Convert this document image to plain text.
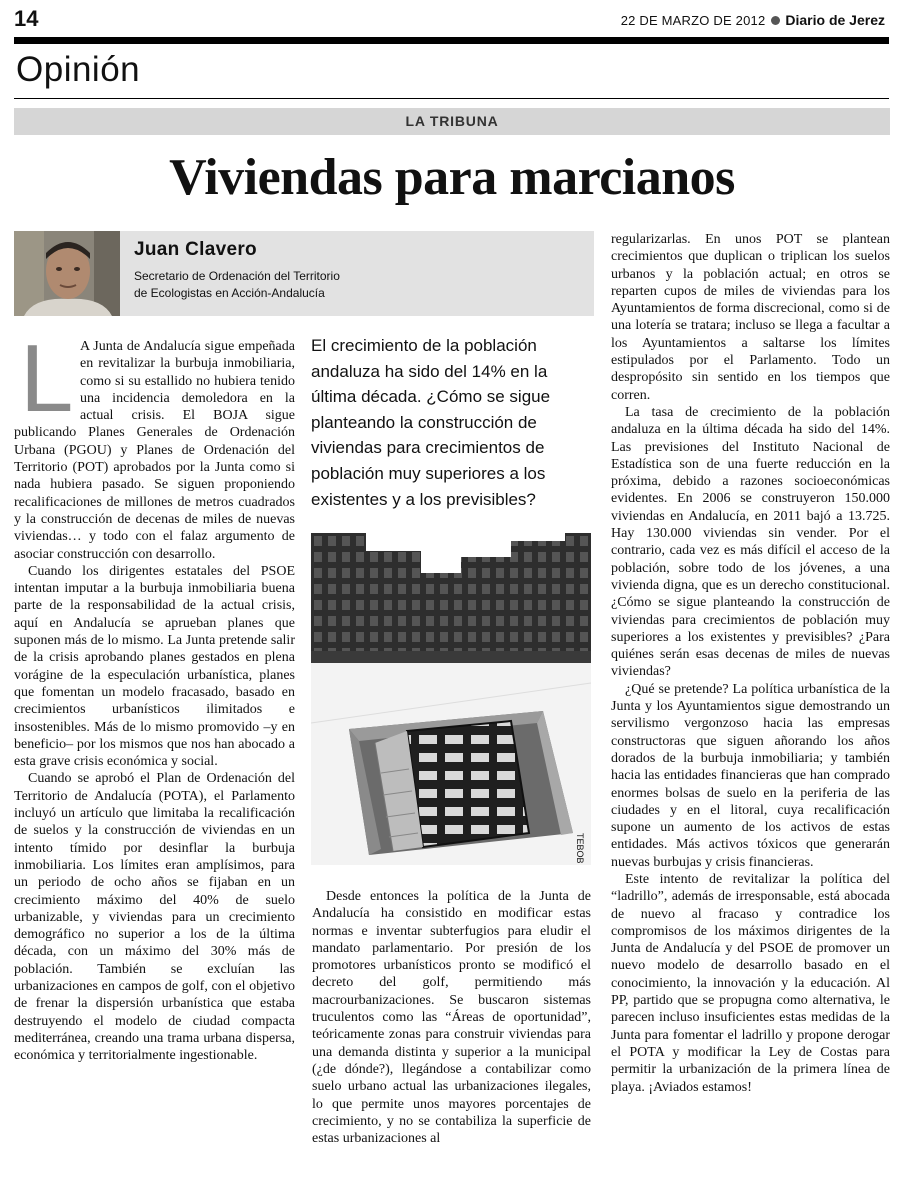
14	22 DE MARZO DE 2012 Diario de Jerez
Opinión
LA TRIBUNA
Viviendas para marcianos
Juan Clavero
Secretario de Ordenación del Territorio
de Ecologistas en Acción-Andalucía

L A Junta de Andalucía sigue empeñada en revitalizar la burbuja inmobiliaria, como si su estallido no hubiera tenido una incidencia demoledora en la actual crisis. El BOJA sigue publicando Planes Generales de Ordenación Urbana (PGOU) y Planes de Ordenación del Territorio (POT) aprobados por la Junta como si nada hubiera pasado. Se siguen proponiendo recalificaciones de millones de metros cuadrados y la construcción de decenas de miles de nuevas viviendas… y todo con el falaz argumento de asociar construcción con desarrollo.

Cuando los dirigentes estatales del PSOE intentan imputar a la burbuja inmobiliaria buena parte de la responsabilidad de la actual crisis, aquí en Andalucía se aprueban planes que suponen más de lo mismo. La Junta pretende salir de la crisis aprobando planes gestados en plena vorágine de la especulación urbanística, planes que fomentan un modelo fracasado, basado en crecimientos urbanísticos ilimitados e insostenibles. Más de lo mismo promovido –y en beneficio– por los mismos que nos han abocado a esta grave crisis económica y social.

Cuando se aprobó el Plan de Ordenación del Territorio de Andalucía (POTA), el Parlamento incluyó un artículo que limitaba la recalificación de suelos y la construcción de viviendas en un intento tímido por desinflar la burbuja inmobiliaria. Los límites eran amplísimos, para un periodo de ocho años se fijaban en un crecimiento máximo del 40% de suelo urbanizable, y viviendas para un crecimiento demográfico no superior a los de la última década, con un máximo del 30% más de población. También se excluían las urbanizaciones en campos de golf, con el objetivo de frenar la dispersión urbanística que estaba destruyendo el modelo de ciudad compacta mediterránea, creando una trama urbana dispersa, económica y territorialmente ingestionable.

El crecimiento de la población
andaluza ha sido del 14% en la
última década. ¿Cómo se sigue
planteando la construcción de
viviendas para crecimientos de
población muy superiores a los
existentes y a los previsibles?
TEBOB

Desde entonces la política de la Junta de Andalucía ha consistido en modificar estas normas e inventar subterfugios para eludir el mandato parlamentario. Por presión de los promotores urbanísticos pronto se modificó el decreto del golf, permitiendo más macrourbanizaciones. Se buscaron sistemas truculentos como las “Áreas de oportunidad”, teóricamente zonas para construir viviendas para una demanda distinta y superior a la municipal (¿de dónde?), llegándose a contabilizar como suelo urbano actual las urbanizaciones ilegales, lo que permite unos mayores porcentajes de crecimiento, y no se contabiliza la superficie de estas urbanizaciones al

regularizarlas. En unos POT se plantean crecimientos que duplican o triplican los suelos urbanos y la población actual; en otros se reparten cupos de miles de viviendas para los Ayuntamientos de forma discrecional, como si de una lotería se tratara; incluso se llega a facultar a los Ayuntamientos a saltarse los límites estipulados por el Parlamento. Todo un despropósito sin sentido en los tiempos que corren.

La tasa de crecimiento de la población andaluza en la última década ha sido del 14%. Las previsiones del Instituto Nacional de Estadística son de una fuerte reducción en la próxima, debido a razones socioeconómicas evidentes. En 2006 se construyeron 150.000 viviendas en Andalucía, en 2011 bajó a 13.725. Hay 130.000 viviendas sin vender. Por el contrario, cada vez es más difícil el acceso de la población, sobre todo de los jóvenes, a una vivienda digna, que es un derecho constitucional. ¿Cómo se sigue planteando la construcción de viviendas para crecimientos de población muy superiores a los existentes y previsibles? ¿Para quiénes serán esas decenas de miles de nuevas viviendas?

¿Qué se pretende? La política urbanística de la Junta y los Ayuntamientos sigue demostrando un servilismo vergonzoso hacia las empresas constructoras que siguen añorando los años dorados de la burbuja inmobiliaria; y también hacia las entidades financieras que han comprado enormes bolsas de suelo en la periferia de las ciudades y en el litoral, cuya recalificación supone un aumento de los activos de estas entidades. Más activos tóxicos que generarán nuevas burbujas y crisis financieras.

Este intento de revitalizar la política del “ladrillo”, además de irresponsable, está abocada de nuevo al fracaso y contradice los compromisos de los máximos dirigentes de la Junta de Andalucía y del PSOE de promover un nuevo modelo de desarrollo basado en el conocimiento, la innovación y la educación. Al PP, partido que se propugna como alternativa, le parecen incluso insuficientes estas medidas de la Junta para fomentar el ladrillo y propone derogar el POTA y modificar la Ley de Costas para permitir la urbanización de la primera línea de playa. ¡Aviados estamos!
